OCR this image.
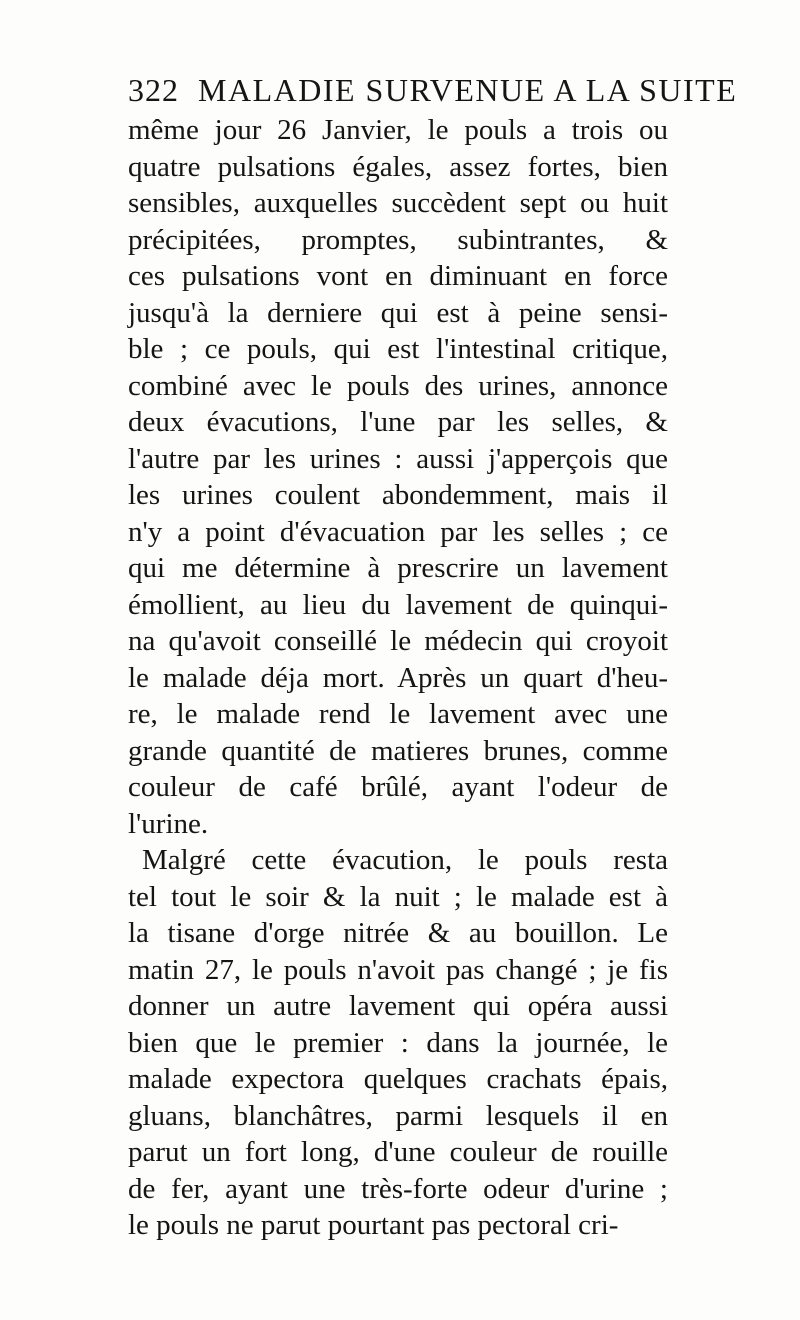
322 MALADIE SURVENUE A LA SUITE
même jour 26 Janvier, le pouls a trois ou
quatre pulsations égales, assez fortes, bien
sensibles, auxquelles succèdent sept ou huit
précipitées, promptes, subintrantes, &
ces pulsations vont en diminuant en force
jusqu'à la derniere qui est à peine sensi-
ble ; ce pouls, qui est l'intestinal critique,
combiné avec le pouls des urines, annonce
deux évacutions, l'une par les selles, &
l'autre par les urines : aussi j'apperçois que
les urines coulent abondemment, mais il
n'y a point d'évacuation par les selles ; ce
qui me détermine à prescrire un lavement
émollient, au lieu du lavement de quinqui-
na qu'avoit conseillé le médecin qui croyoit
le malade déja mort. Après un quart d'heu-
re, le malade rend le lavement avec une
grande quantité de matieres brunes, comme
couleur de café brûlé, ayant l'odeur de
l'urine.
Malgré cette évacution, le pouls resta
tel tout le soir & la nuit ; le malade est à
la tisane d'orge nitrée & au bouillon. Le
matin 27, le pouls n'avoit pas changé ; je fis
donner un autre lavement qui opéra aussi
bien que le premier : dans la journée, le
malade expectora quelques crachats épais,
gluans, blanchâtres, parmi lesquels il en
parut un fort long, d'une couleur de rouille
de fer, ayant une très-forte odeur d'urine ;
le pouls ne parut pourtant pas pectoral cri-
